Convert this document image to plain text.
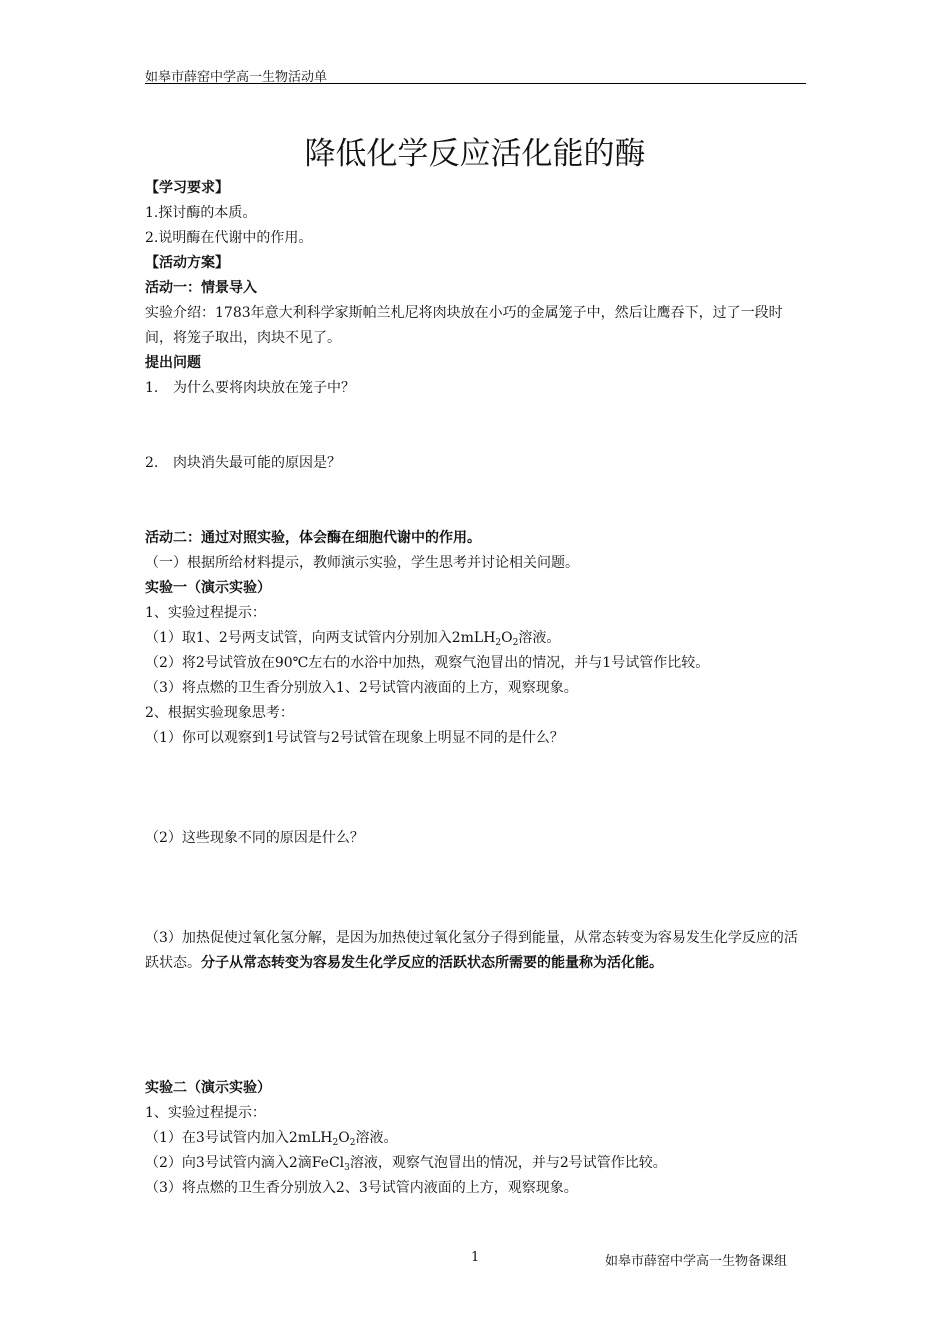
如皋市薛窑中学高一生物活动单
降低化学反应活化能的酶
【学习要求】
1.探讨酶的本质。
2.说明酶在代谢中的作用。
【活动方案】
活动一：情景导入
实验介绍：1783年意大利科学家斯帕兰札尼将肉块放在小巧的金属笼子中，然后让鹰吞下，过了一段时间，将笼子取出，肉块不见了。
提出问题
1. 为什么要将肉块放在笼子中？
2. 肉块消失最可能的原因是？
活动二：通过对照实验，体会酶在细胞代谢中的作用。
（一）根据所给材料提示，教师演示实验，学生思考并讨论相关问题。
实验一（演示实验）
1、实验过程提示：
（1）取1、2号两支试管，向两支试管内分别加入$2mLH_2O_2$溶液。
（2）将2号试管放在90℃左右的水浴中加热，观察气泡冒出的情况，并与1号试管作比较。
（3）将点燃的卫生香分别放入1、2号试管内液面的上方，观察现象。
2、根据实验现象思考：
（1）你可以观察到1号试管与2号试管在现象上明显不同的是什么？
（2）这些现象不同的原因是什么？
（3）加热促使过氧化氢分解，是因为加热使过氧化氢分子得到能量，从常态转变为容易发生化学反应的活跃状态。分子从常态转变为容易发生化学反应的活跃状态所需要的能量称为活化能。
实验二（演示实验）
1、实验过程提示：
（1）在3号试管内加入$2mLH_2O_2$溶液。
（2）向3号试管内滴入2滴FeCl$_3$溶液，观察气泡冒出的情况，并与2号试管作比较。
（3）将点燃的卫生香分别放入2、3号试管内液面的上方，观察现象。
1	如皋市薛窑中学高一生物备课组
